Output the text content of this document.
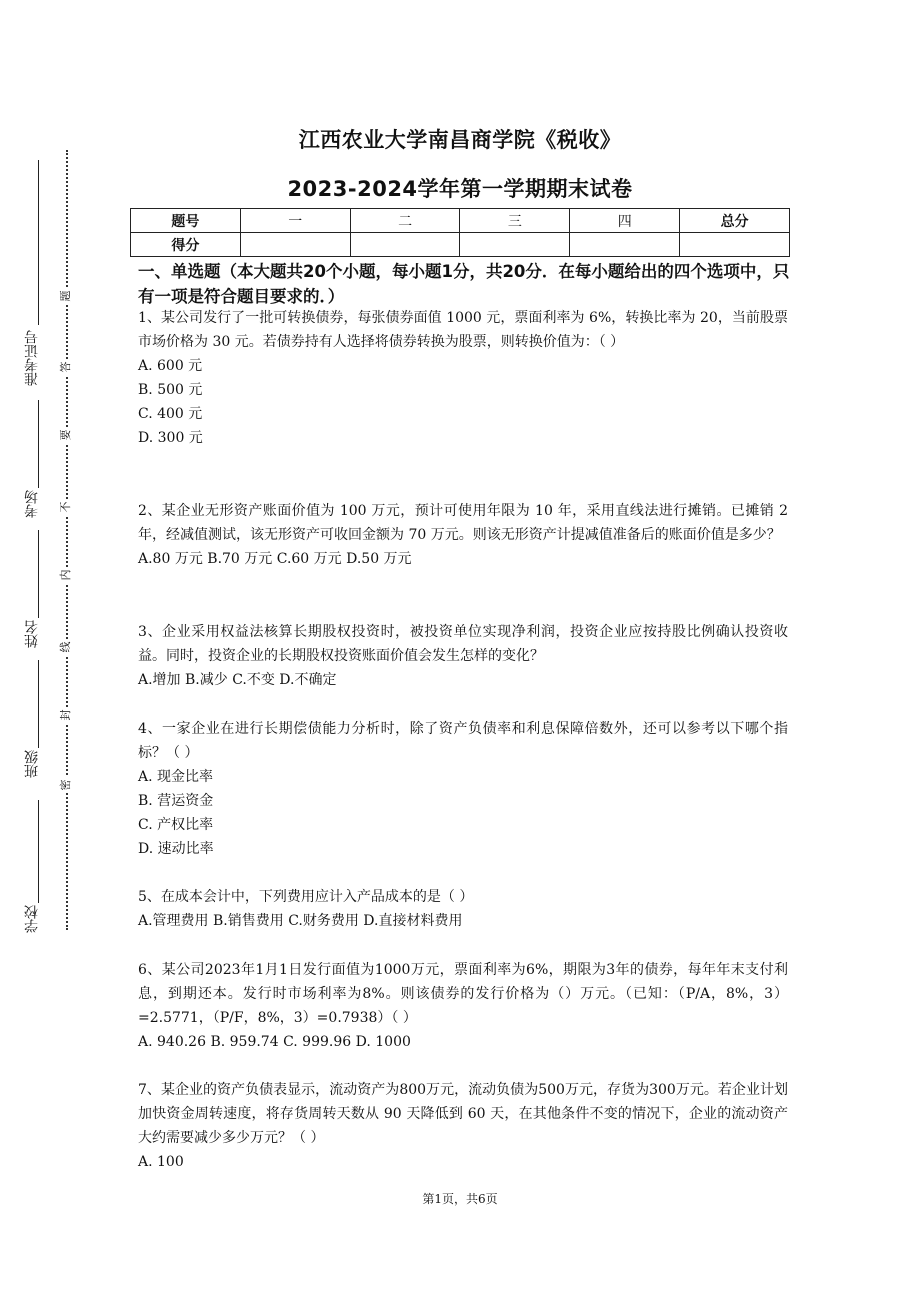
江西农业大学南昌商学院《税收》
2023-2024学年第一学期期末试卷
题号	一	二	三	四	总分
得分					
一、单选题（本大题共20个小题，每小题1分，共20分．在每小题给出的四个选项中，只有一项是符合题目要求的．）

1、某公司发行了一批可转换债券，每张债券面值 1000 元，票面利率为 6%，转换比率为 20，当前股票市场价格为 30 元。若债券持有人选择将债券转换为股票，则转换价值为：（ ）

A. 600 元

B. 500 元

C. 400 元

D. 300 元

2、某企业无形资产账面价值为 100 万元，预计可使用年限为 10 年，采用直线法进行摊销。已摊销 2 年，经减值测试，该无形资产可收回金额为 70 万元。则该无形资产计提减值准备后的账面价值是多少？

A.80 万元 B.70 万元 C.60 万元 D.50 万元

3、企业采用权益法核算长期股权投资时，被投资单位实现净利润，投资企业应按持股比例确认投资收益。同时，投资企业的长期股权投资账面价值会发生怎样的变化？

A.增加 B.减少 C.不变 D.不确定

4、一家企业在进行长期偿债能力分析时，除了资产负债率和利息保障倍数外，还可以参考以下哪个指标？（ ）

A. 现金比率

B. 营运资金

C. 产权比率

D. 速动比率

5、在成本会计中，下列费用应计入产品成本的是（ ）

A.管理费用 B.销售费用 C.财务费用 D.直接材料费用

6、某公司2023年1月1日发行面值为1000万元，票面利率为6%，期限为3年的债券，每年年末支付利息，到期还本。发行时市场利率为8%。则该债券的发行价格为（）万元。（已知：（P/A，8%，3）=2.5771，（P/F，8%，3）=0.7938）（ ）

A. 940.26 B. 959.74 C. 999.96 D. 1000

7、某企业的资产负债表显示，流动资产为800万元，流动负债为500万元，存货为300万元。若企业计划加快资金周转速度，将存货周转天数从 90 天降低到 60 天，在其他条件不变的情况下，企业的流动资产大约需要减少多少万元？（ ）

A. 100

第1页，共6页
准考证号
考场
姓名
班级
学校
题
答
要
不
内
线
封
密
